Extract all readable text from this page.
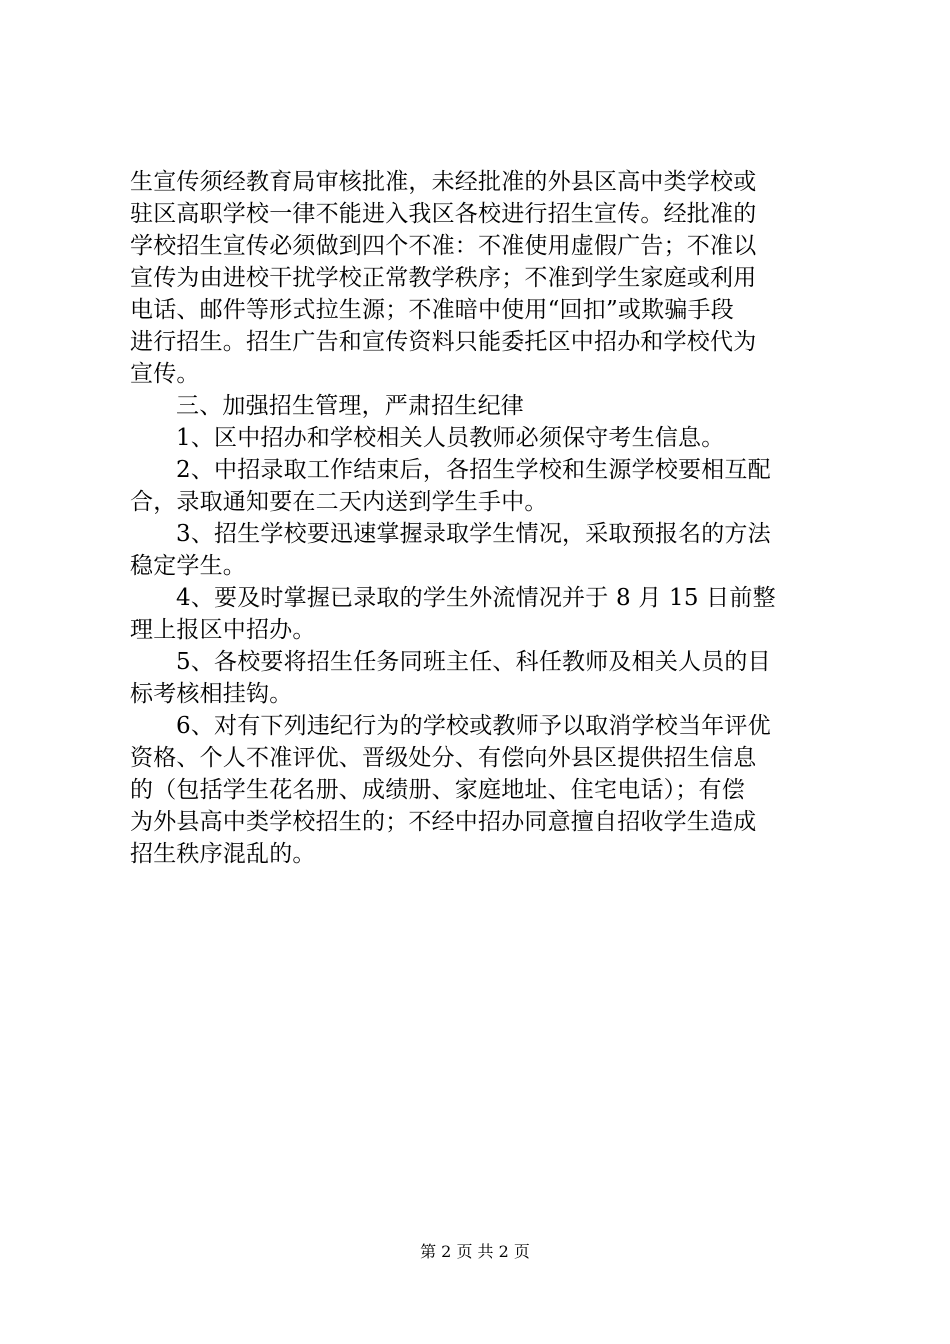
生宣传须经教育局审核批准，未经批准的外县区高中类学校或
驻区高职学校一律不能进入我区各校进行招生宣传。经批准的
学校招生宣传必须做到四个不准：不准使用虚假广告；不准以
宣传为由进校干扰学校正常教学秩序；不准到学生家庭或利用
电话、邮件等形式拉生源；不准暗中使用“回扣”或欺骗手段
进行招生。招生广告和宣传资料只能委托区中招办和学校代为
宣传。
三、加强招生管理，严肃招生纪律
1、区中招办和学校相关人员教师必须保守考生信息。
2、中招录取工作结束后，各招生学校和生源学校要相互配
合，录取通知要在二天内送到学生手中。
3、招生学校要迅速掌握录取学生情况，采取预报名的方法
稳定学生。
4、要及时掌握已录取的学生外流情况并于 8 月 15 日前整
理上报区中招办。
5、各校要将招生任务同班主任、科任教师及相关人员的目
标考核相挂钩。
6、对有下列违纪行为的学校或教师予以取消学校当年评优
资格、个人不准评优、晋级处分、有偿向外县区提供招生信息
的（包括学生花名册、成绩册、家庭地址、住宅电话）；有偿
为外县高中类学校招生的；不经中招办同意擅自招收学生造成
招生秩序混乱的。
第 2 页 共 2 页
